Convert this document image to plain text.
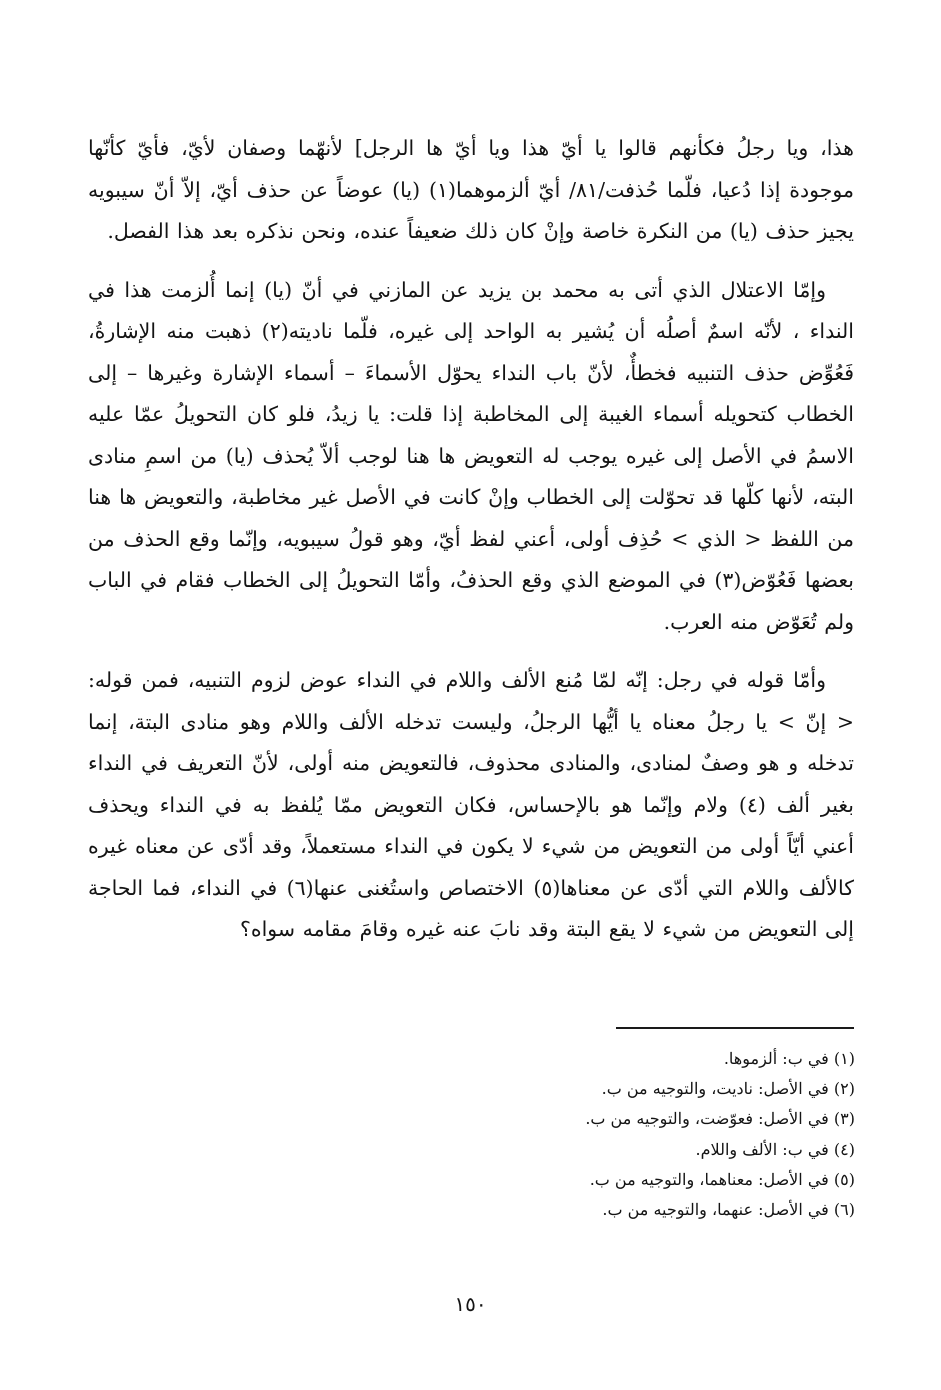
هذا، ويا رجلُ فكأنهم قالوا يا أيّ هذا ويا أيّ ها الرجل] لأنهّما وصفان لأيّ، فأيّ كأنّها موجودة إذا دُعيا، فلّما حُذفت/٨١/ أيّ ألزموهما(١) (يا) عوضاً عن حذف أيّ، إلاّ أنّ سيبويه يجيز حذف (يا) من النكرة خاصة وإنْ كان ذلك ضعيفاً عنده، ونحن نذكره بعد هذا الفصل.

وإمّا الاعتلال الذي أتى به محمد بن يزيد عن المازني في أنّ (يا) إنما أُلزمت هذا في النداء ، لأنّه اسمٌ أصلُه أن يُشير به الواحد إلى غيره، فلّما ناديته(٢) ذهبت منه الإشارةُ، فَعُوِّض حذف التنبيه فخطأٌ، لأنّ باب النداء يحوّل الأسماءَ – أسماء الإشارة وغيرها – إلى الخطاب كتحويله أسماء الغيبة إلى المخاطبة إذا قلت: يا زيدُ، فلو كان التحويلُ عمّا عليه الاسمُ في الأصل إلى غيره يوجب له التعويض ها هنا لوجب ألاّ يُحذف (يا) من اسمِ منادى البته، لأنها كلّها قد تحوّلت إلى الخطاب وإنْ كانت في الأصل غير مخاطبة، والتعويض ها هنا من اللفظ < الذي > حُذِف أولى، أعني لفظ أيّ، وهو قولُ سيبويه، وإنّما وقع الحذف من بعضها فَعُوّض(٣) في الموضع الذي وقع الحذفُ، وأمّا التحويلُ إلى الخطاب فقام في الباب ولم تُعَوّض منه العرب.

وأمّا قوله في رجل: إنّه لمّا مُنع الألف واللام في النداء عوض لزوم التنبيه، فمن قوله: < إنّ > يا رجلُ معناه يا أيُّها الرجلُ، وليست تدخله الألف واللام وهو منادى البتة، إنما تدخله و هو وصفٌ لمنادى، والمنادى محذوف، فالتعويض منه أولى، لأنّ التعريف في النداء بغير ألف (٤) ولام وإنّما هو بالإحساس، فكان التعويض ممّا يُلفظ به في النداء ويحذف أعني أيّاً أولى من التعويض من شيء لا يكون في النداء مستعملاً، وقد أدّى عن معناه غيره كالألف واللام التي أدّى عن معناها(٥) الاختصاص واستُغنى عنها(٦) في النداء، فما الحاجة إلى التعويض من شيء لا يقع البتة وقد نابَ عنه غيره وقامَ مقامه سواه؟

(١) في ب: ألزموها.
(٢) في الأصل: ناديت، والتوجيه من ب.
(٣) في الأصل: فعوّضت، والتوجيه من ب.
(٤) في ب: الألف واللام.
(٥) في الأصل: معناهما، والتوجيه من ب.
(٦) في الأصل: عنهما، والتوجيه من ب.
١٥٠
